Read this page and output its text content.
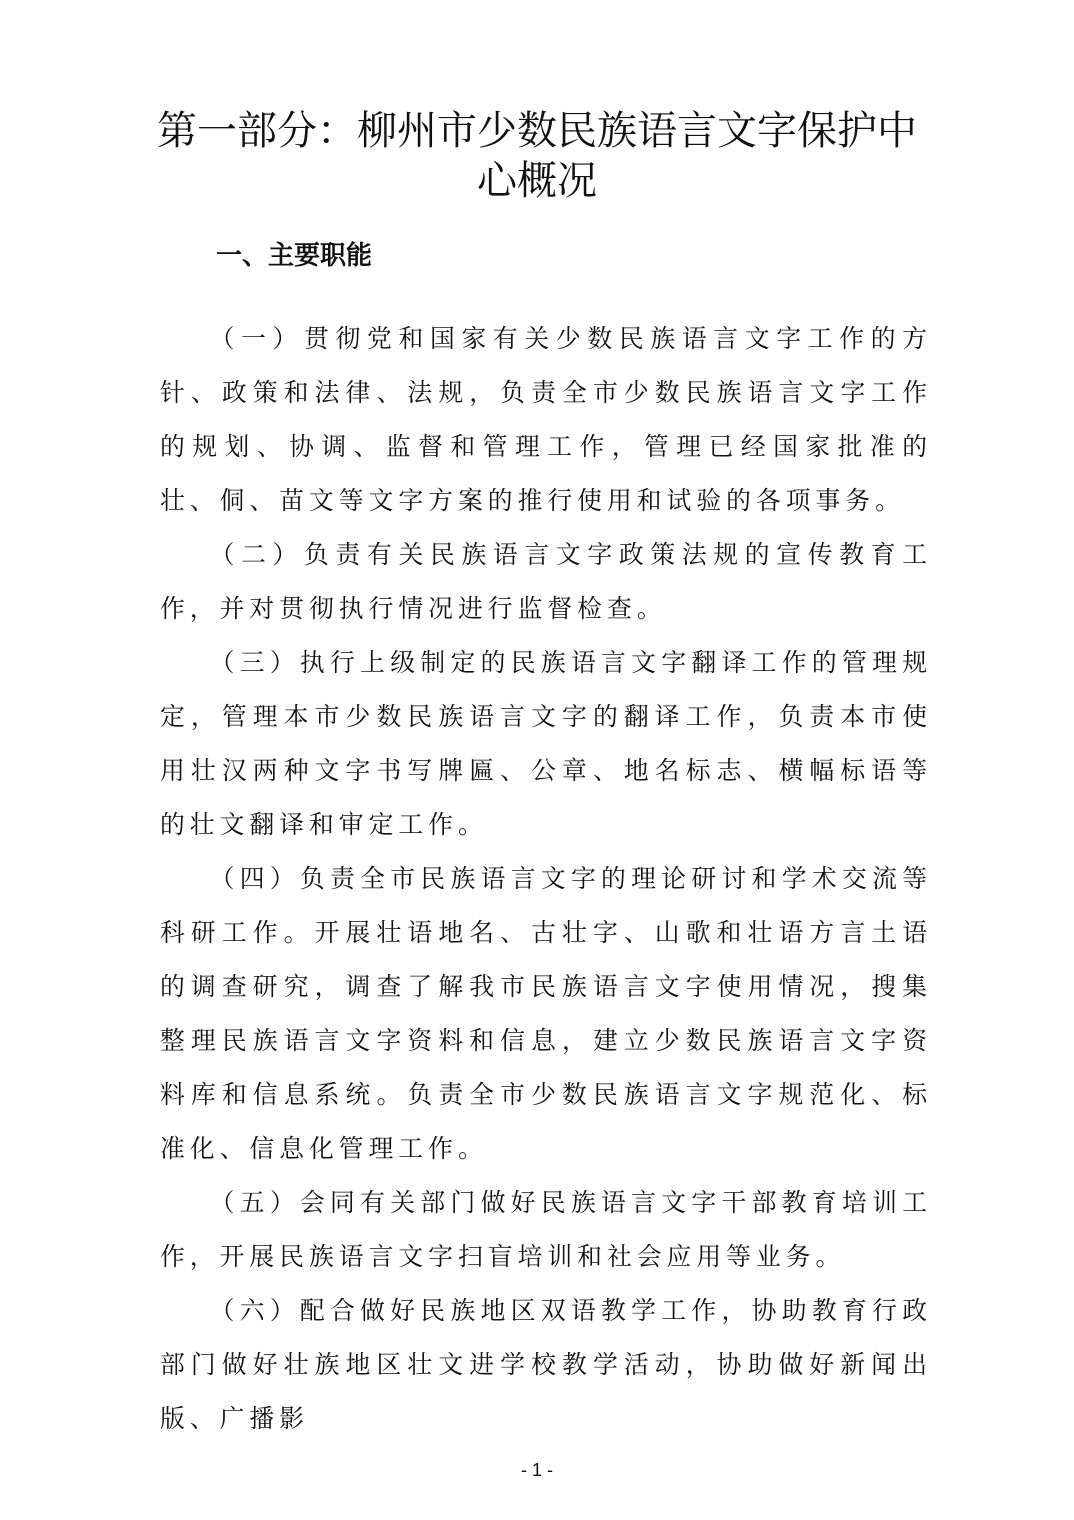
第一部分：柳州市少数民族语言文字保护中
心概况
一、主要职能

（一）贯彻党和国家有关少数民族语言文字工作的方针、政策和法律、法规，负责全市少数民族语言文字工作的规划、协调、监督和管理工作，管理已经国家批准的壮、侗、苗文等文字方案的推行使用和试验的各项事务。

（二）负责有关民族语言文字政策法规的宣传教育工作，并对贯彻执行情况进行监督检查。

（三）执行上级制定的民族语言文字翻译工作的管理规定，管理本市少数民族语言文字的翻译工作，负责本市使用壮汉两种文字书写牌匾、公章、地名标志、横幅标语等的壮文翻译和审定工作。

（四）负责全市民族语言文字的理论研讨和学术交流等科研工作。开展壮语地名、古壮字、山歌和壮语方言土语的调查研究，调查了解我市民族语言文字使用情况，搜集整理民族语言文字资料和信息，建立少数民族语言文字资料库和信息系统。负责全市少数民族语言文字规范化、标准化、信息化管理工作。

（五）会同有关部门做好民族语言文字干部教育培训工作，开展民族语言文字扫盲培训和社会应用等业务。

（六）配合做好民族地区双语教学工作，协助教育行政部门做好壮族地区壮文进学校教学活动，协助做好新闻出版、广播影

- 1 -
